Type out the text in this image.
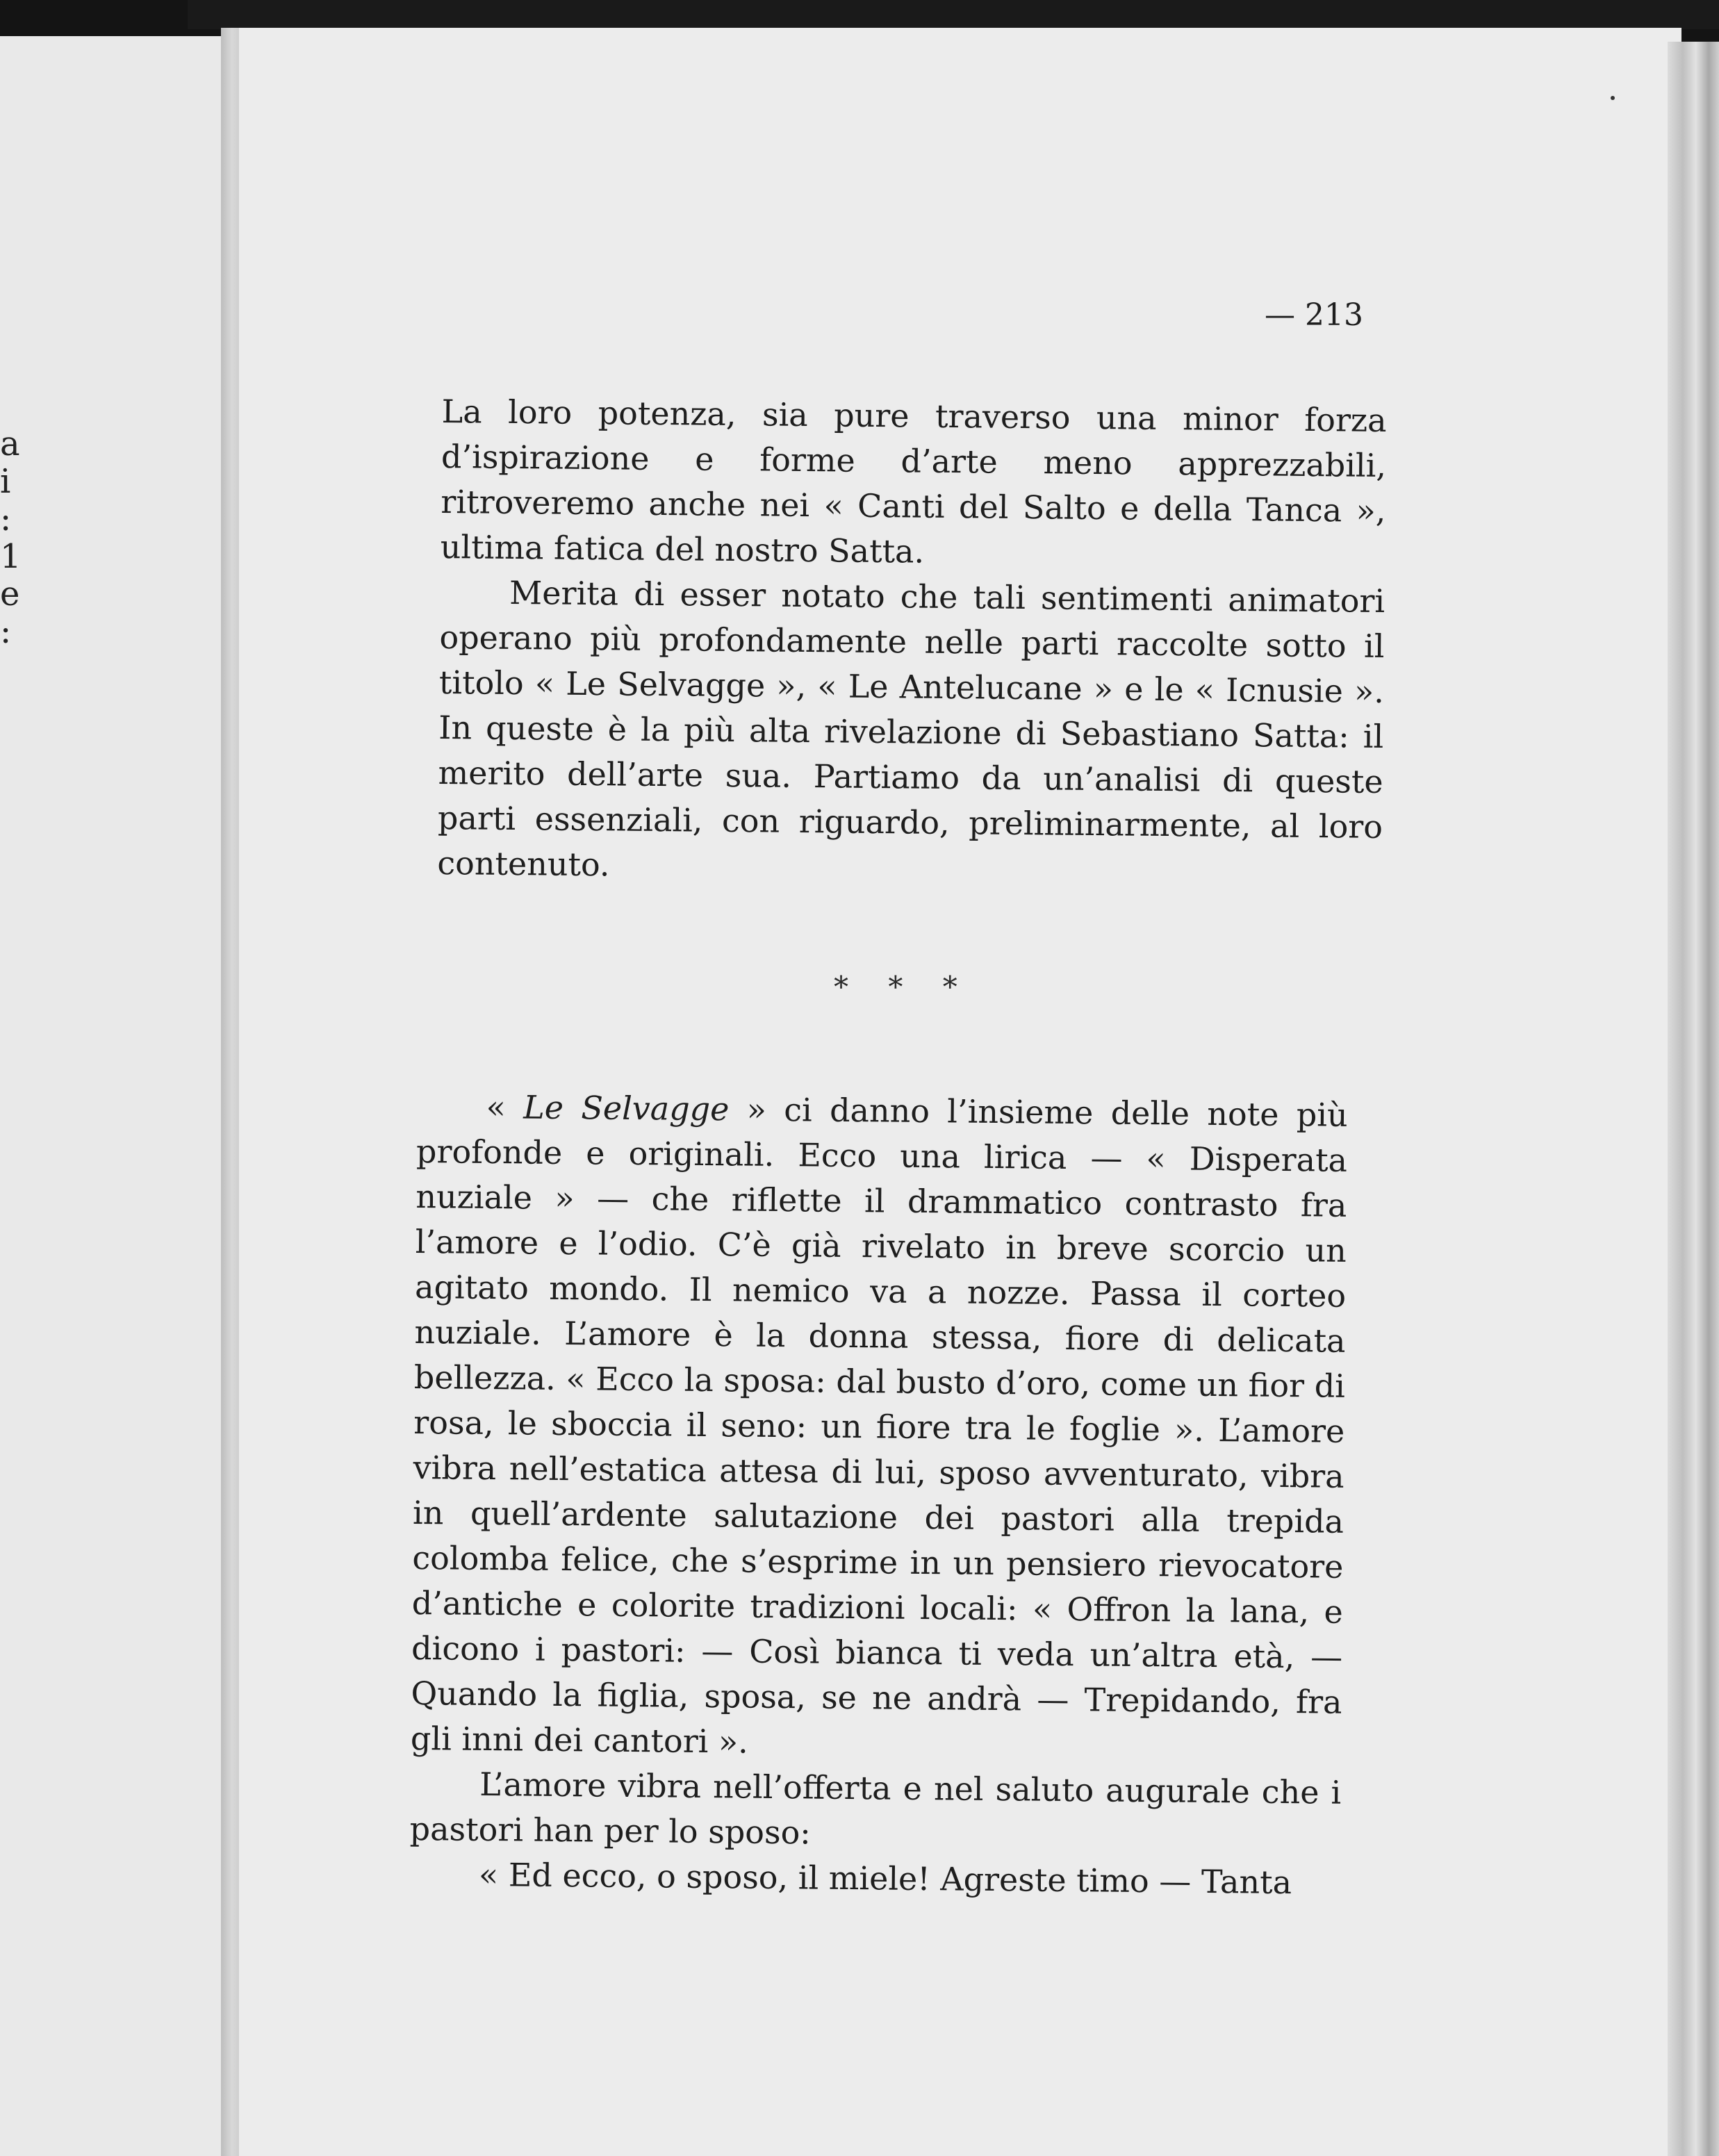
a
i
:
1
e
:
— 213

La loro potenza, sia pure traverso una minor forza d’ispirazione e forme d’arte meno apprezzabili, ritroveremo anche nei « Canti del Salto e della Tanca », ultima fatica del nostro Satta.

Merita di esser notato che tali sentimenti animatori operano più profondamente nelle parti raccolte sotto il titolo « Le Selvagge », « Le Antelucane » e le « Icnusie ». In queste è la più alta rivelazione di Sebastiano Satta: il merito dell’arte sua. Partiamo da un’analisi di queste parti essenziali, con riguardo, preliminarmente, al loro contenuto.

* * *

« Le Selvagge » ci danno l’insieme delle note più profonde e originali. Ecco una lirica — « Disperata nuziale » — che riflette il drammatico contrasto fra l’amore e l’odio. C’è già rivelato in breve scorcio un agitato mondo. Il nemico va a nozze. Passa il corteo nuziale. L’amore è la donna stessa, fiore di delicata bellezza. « Ecco la sposa: dal busto d’oro, come un fior di rosa, le sboccia il seno: un fiore tra le foglie ». L’amore vibra nell’estatica attesa di lui, sposo avventurato, vibra in quell’ardente salutazione dei pastori alla trepida colomba felice, che s’esprime in un pensiero rievocatore d’antiche e colorite tradizioni locali: « Offron la lana, e dicono i pastori: — Così bianca ti veda un’altra età, — Quando la figlia, sposa, se ne andrà — Trepidando, fra gli inni dei cantori ».

L’amore vibra nell’offerta e nel saluto augurale che i pastori han per lo sposo:

« Ed ecco, o sposo, il miele! Agreste timo — Tanta
